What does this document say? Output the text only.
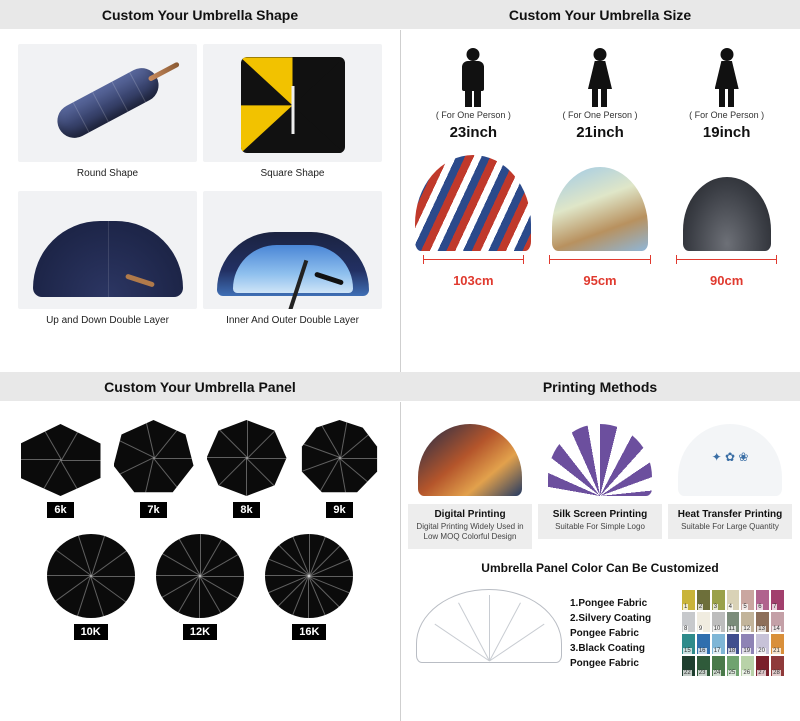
Custom Your Umbrella Shape
Round Shape	Square Shape
Up and Down Double Layer	Inner And Outer Double Layer
Custom Your Umbrella Size
( For One Person )
23inch
( For One Person )
21inch
( For One Person )
19inch
103cm	95cm	90cm
Custom Your Umbrella Panel
6k	7k	8k	9k
10K	12K	16K
Printing Methods
Digital Printing
Digital Printing Widely Used in Low MOQ Colorful Design
Silk Screen Printing
Suitable For Simple Logo
✦ ✿ ❀
Heat Transfer Printing
Suitable For Large Quantity
Umbrella Panel Color Can Be Customized
1.Pongee Fabric
2.Silvery Coating Pongee Fabric
3.Black Coating Pongee Fabric
1 2 3 4 5 6 7
8 9 10 11 12 13 14
15 16 17 18 19 20 21
22 23 24 25 26 27 28
